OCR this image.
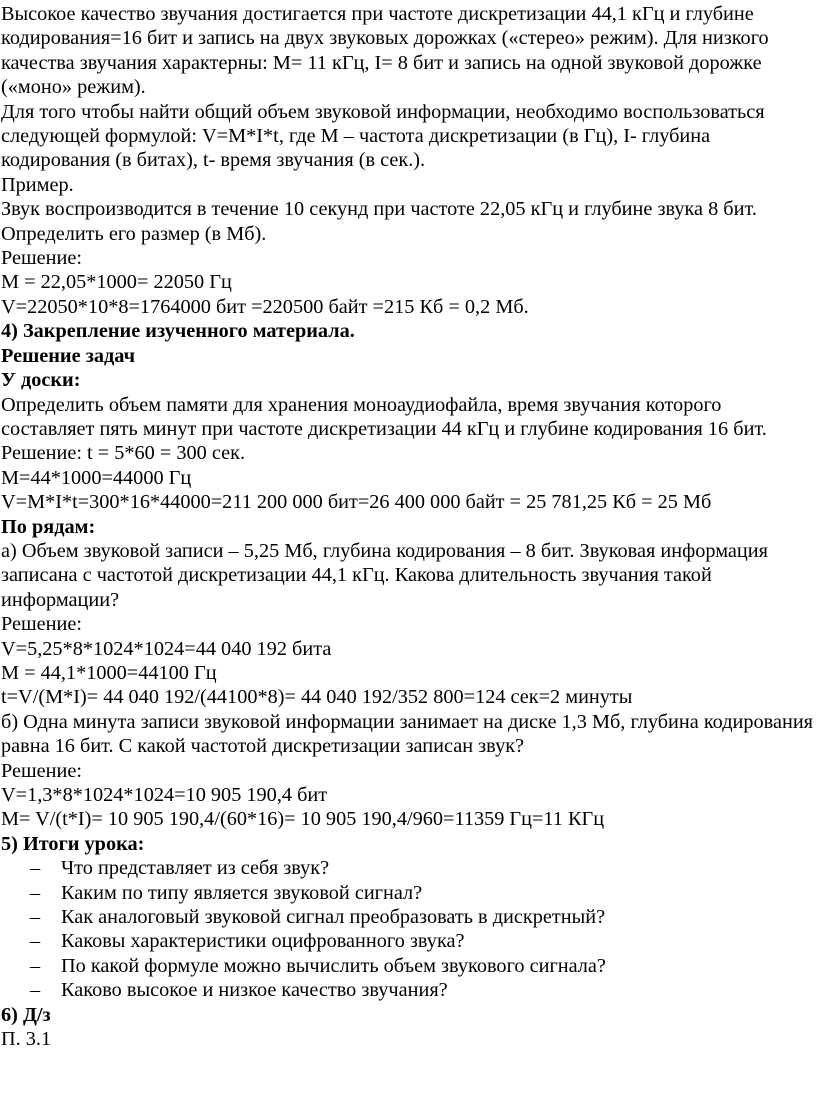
Высокое качество звучания достигается при частоте дискретизации 44,1 кГц и глубине кодирования=16 бит и запись на двух звуковых дорожках («стерео» режим). Для низкого качества звучания характерны: М= 11 кГц, I= 8 бит и запись на одной звуковой дорожке («моно» режим).

Для того чтобы найти общий объем звуковой информации, необходимо воспользоваться следующей формулой: V=M*I*t, где М – частота дискретизации (в Гц), I- глубина кодирования (в битах), t- время звучания (в сек.).

Пример.

Звук воспроизводится в течение 10 секунд при частоте 22,05 кГц и глубине звука 8 бит. Определить его размер (в Мб).

Решение:

М = 22,05*1000= 22050 Гц

V=22050*10*8=1764000 бит =220500 байт =215 Кб = 0,2 Мб.

4) Закрепление изученного материала.

Решение задач

У доски:

Определить объем памяти для хранения моноаудиофайла, время звучания которого составляет пять минут при частоте дискретизации 44 кГц и глубине кодирования 16 бит.

Решение: t = 5*60 = 300 сек.

M=44*1000=44000 Гц

V=M*I*t=300*16*44000=211 200 000 бит=26 400 000 байт = 25 781,25 Кб = 25 Мб

По рядам:

а) Объем звуковой записи – 5,25 Мб, глубина кодирования – 8 бит. Звуковая информация записана с частотой дискретизации 44,1 кГц. Какова длительность звучания такой информации?

Решение:

V=5,25*8*1024*1024=44 040 192 бита

М = 44,1*1000=44100 Гц

t=V/(M*I)= 44 040 192/(44100*8)= 44 040 192/352 800=124 сек=2 минуты

б) Одна минута записи звуковой информации занимает на диске 1,3 Мб, глубина кодирования равна 16 бит. С какой частотой дискретизации записан звук?

Решение:

V=1,3*8*1024*1024=10 905 190,4 бит

M= V/(t*I)= 10 905 190,4/(60*16)= 10 905 190,4/960=11359 Гц=11 КГц

5) Итоги урока:

– Что представляет из себя звук?
– Каким по типу является звуковой сигнал?
– Как аналоговый звуковой сигнал преобразовать в дискретный?
– Каковы характеристики оцифрованного звука?
– По какой формуле можно вычислить объем звукового сигнала?
– Каково высокое и низкое качество звучания?

6) Д/з

П. 3.1
